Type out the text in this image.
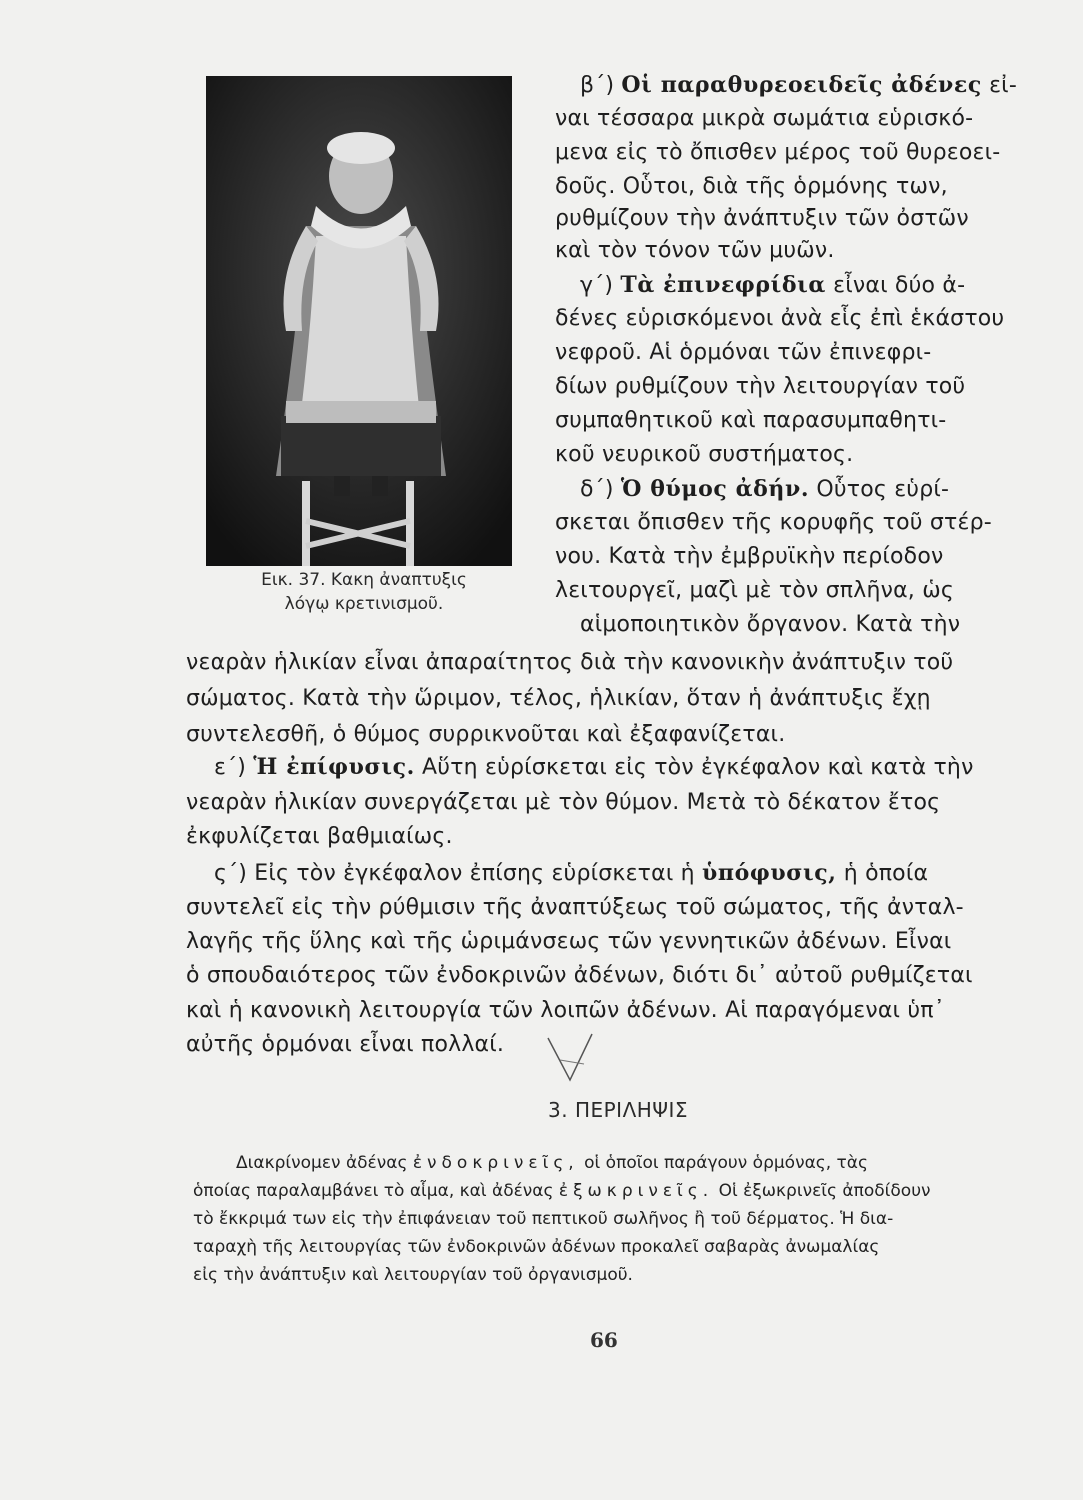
Εικ. 37. Κακη ἀναπτυξις
λόγῳ κρετινισμοῦ.
β΄) Οἱ παραθυρεοειδεῖς ἀδένες εἰ-
ναι τέσσαρα μικρὰ σωμάτια εὑρισκό-
μενα εἰς τὸ ὄπισθεν μέρος τοῦ θυρεοει-
δοῦς. Οὗτοι, διὰ τῆς ὁρμόνης των,
ρυθμίζουν τὴν ἀνάπτυξιν τῶν ὀστῶν
καὶ τὸν τόνον τῶν μυῶν.
γ΄) Τὰ ἐπινεφρίδια εἶναι δύο ἀ-
δένες εὑρισκόμενοι ἀνὰ εἷς ἐπὶ ἑκάστου
νεφροῦ. Αἱ ὁρμόναι τῶν ἐπινεφρι-
δίων ρυθμίζουν τὴν λειτουργίαν τοῦ
συμπαθητικοῦ καὶ παρασυμπαθητι-
κοῦ νευρικοῦ συστήματος.
δ΄) Ὁ θύμος ἀδήν. Οὗτος εὑρί-
σκεται ὄπισθεν τῆς κορυφῆς τοῦ στέρ-
νου. Κατὰ τὴν ἐμβρυϊκὴν περίοδον
λειτουργεῖ, μαζὶ μὲ τὸν σπλῆνα, ὡς
αἱμοποιητικὸν ὄργανον. Κατὰ τὴν
νεαρὰν ἡλικίαν εἶναι ἀπαραίτητος διὰ τὴν κανονικὴν ἀνάπτυξιν τοῦ
σώματος. Κατὰ τὴν ὥριμον, τέλος, ἡλικίαν, ὅταν ἡ ἀνάπτυξις ἔχῃ
συντελεσθῆ, ὁ θύμος συρρικνοῦται καὶ ἐξαφανίζεται.
ε΄) Ἡ ἐπίφυσις. Αὕτη εὑρίσκεται εἰς τὸν ἐγκέφαλον καὶ κατὰ τὴν
νεαρὰν ἡλικίαν συνεργάζεται μὲ τὸν θύμον. Μετὰ τὸ δέκατον ἔτος
ἐκφυλίζεται βαθμιαίως.
ς΄) Εἰς τὸν ἐγκέφαλον ἐπίσης εὑρίσκεται ἡ ὑπόφυσις, ἡ ὁποία
συντελεῖ εἰς τὴν ρύθμισιν τῆς ἀναπτύξεως τοῦ σώματος, τῆς ἀνταλ-
λαγῆς τῆς ὕλης καὶ τῆς ὡριμάνσεως τῶν γεννητικῶν ἀδένων. Εἶναι
ὁ σπουδαιότερος τῶν ἐνδοκρινῶν ἀδένων, διότι δι᾽ αὐτοῦ ρυθμίζεται
καὶ ἡ κανονικὴ λειτουργία τῶν λοιπῶν ἀδένων. Αἱ παραγόμεναι ὑπ᾽
αὐτῆς ὁρμόναι εἶναι πολλαί.
3. ΠΕΡΙΛΗΨΙΣ
Διακρίνομεν ἀδένας ἐνδοκρινεῖς, οἱ ὁποῖοι παράγουν ὁρμόνας, τὰς
ὁποίας παραλαμβάνει τὸ αἷμα, καὶ ἀδένας ἐξωκρινεῖς. Οἱ ἐξωκρινεῖς ἀποδίδουν
τὸ ἔκκριμά των εἰς τὴν ἐπιφάνειαν τοῦ πεπτικοῦ σωλῆνος ἢ τοῦ δέρματος. Ἡ δια-
ταραχὴ τῆς λειτουργίας τῶν ἐνδοκρινῶν ἀδένων προκαλεῖ σαβαρὰς ἀνωμαλίας
εἰς τὴν ἀνάπτυξιν καὶ λειτουργίαν τοῦ ὀργανισμοῦ.
66
